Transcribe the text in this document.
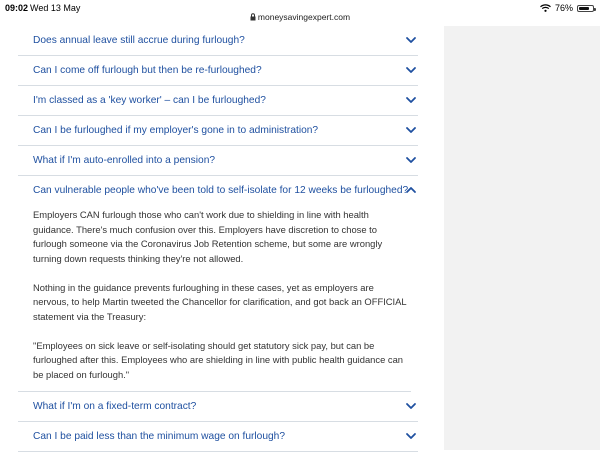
09:02 Wed 13 May
moneysavingexpert.com
76%
Does annual leave still accrue during furlough?
Can I come off furlough but then be re-furloughed?
I'm classed as a 'key worker' – can I be furloughed?
Can I be furloughed if my employer's gone in to administration?
What if I'm auto-enrolled into a pension?
Can vulnerable people who've been told to self-isolate for 12 weeks be furloughed?

Employers CAN furlough those who can't work due to shielding in line with health guidance. There's much confusion over this. Employers have discretion to chose to furlough someone via the Coronavirus Job Retention scheme, but some are wrongly turning down requests thinking they're not allowed.

Nothing in the guidance prevents furloughing in these cases, yet as employers are nervous, to help Martin tweeted the Chancellor for clarification, and got back an OFFICIAL statement via the Treasury:

"Employees on sick leave or self-isolating should get statutory sick pay, but can be furloughed after this. Employees who are shielding in line with public health guidance can be placed on furlough."

What if I'm on a fixed-term contract?
Can I be paid less than the minimum wage on furlough?
